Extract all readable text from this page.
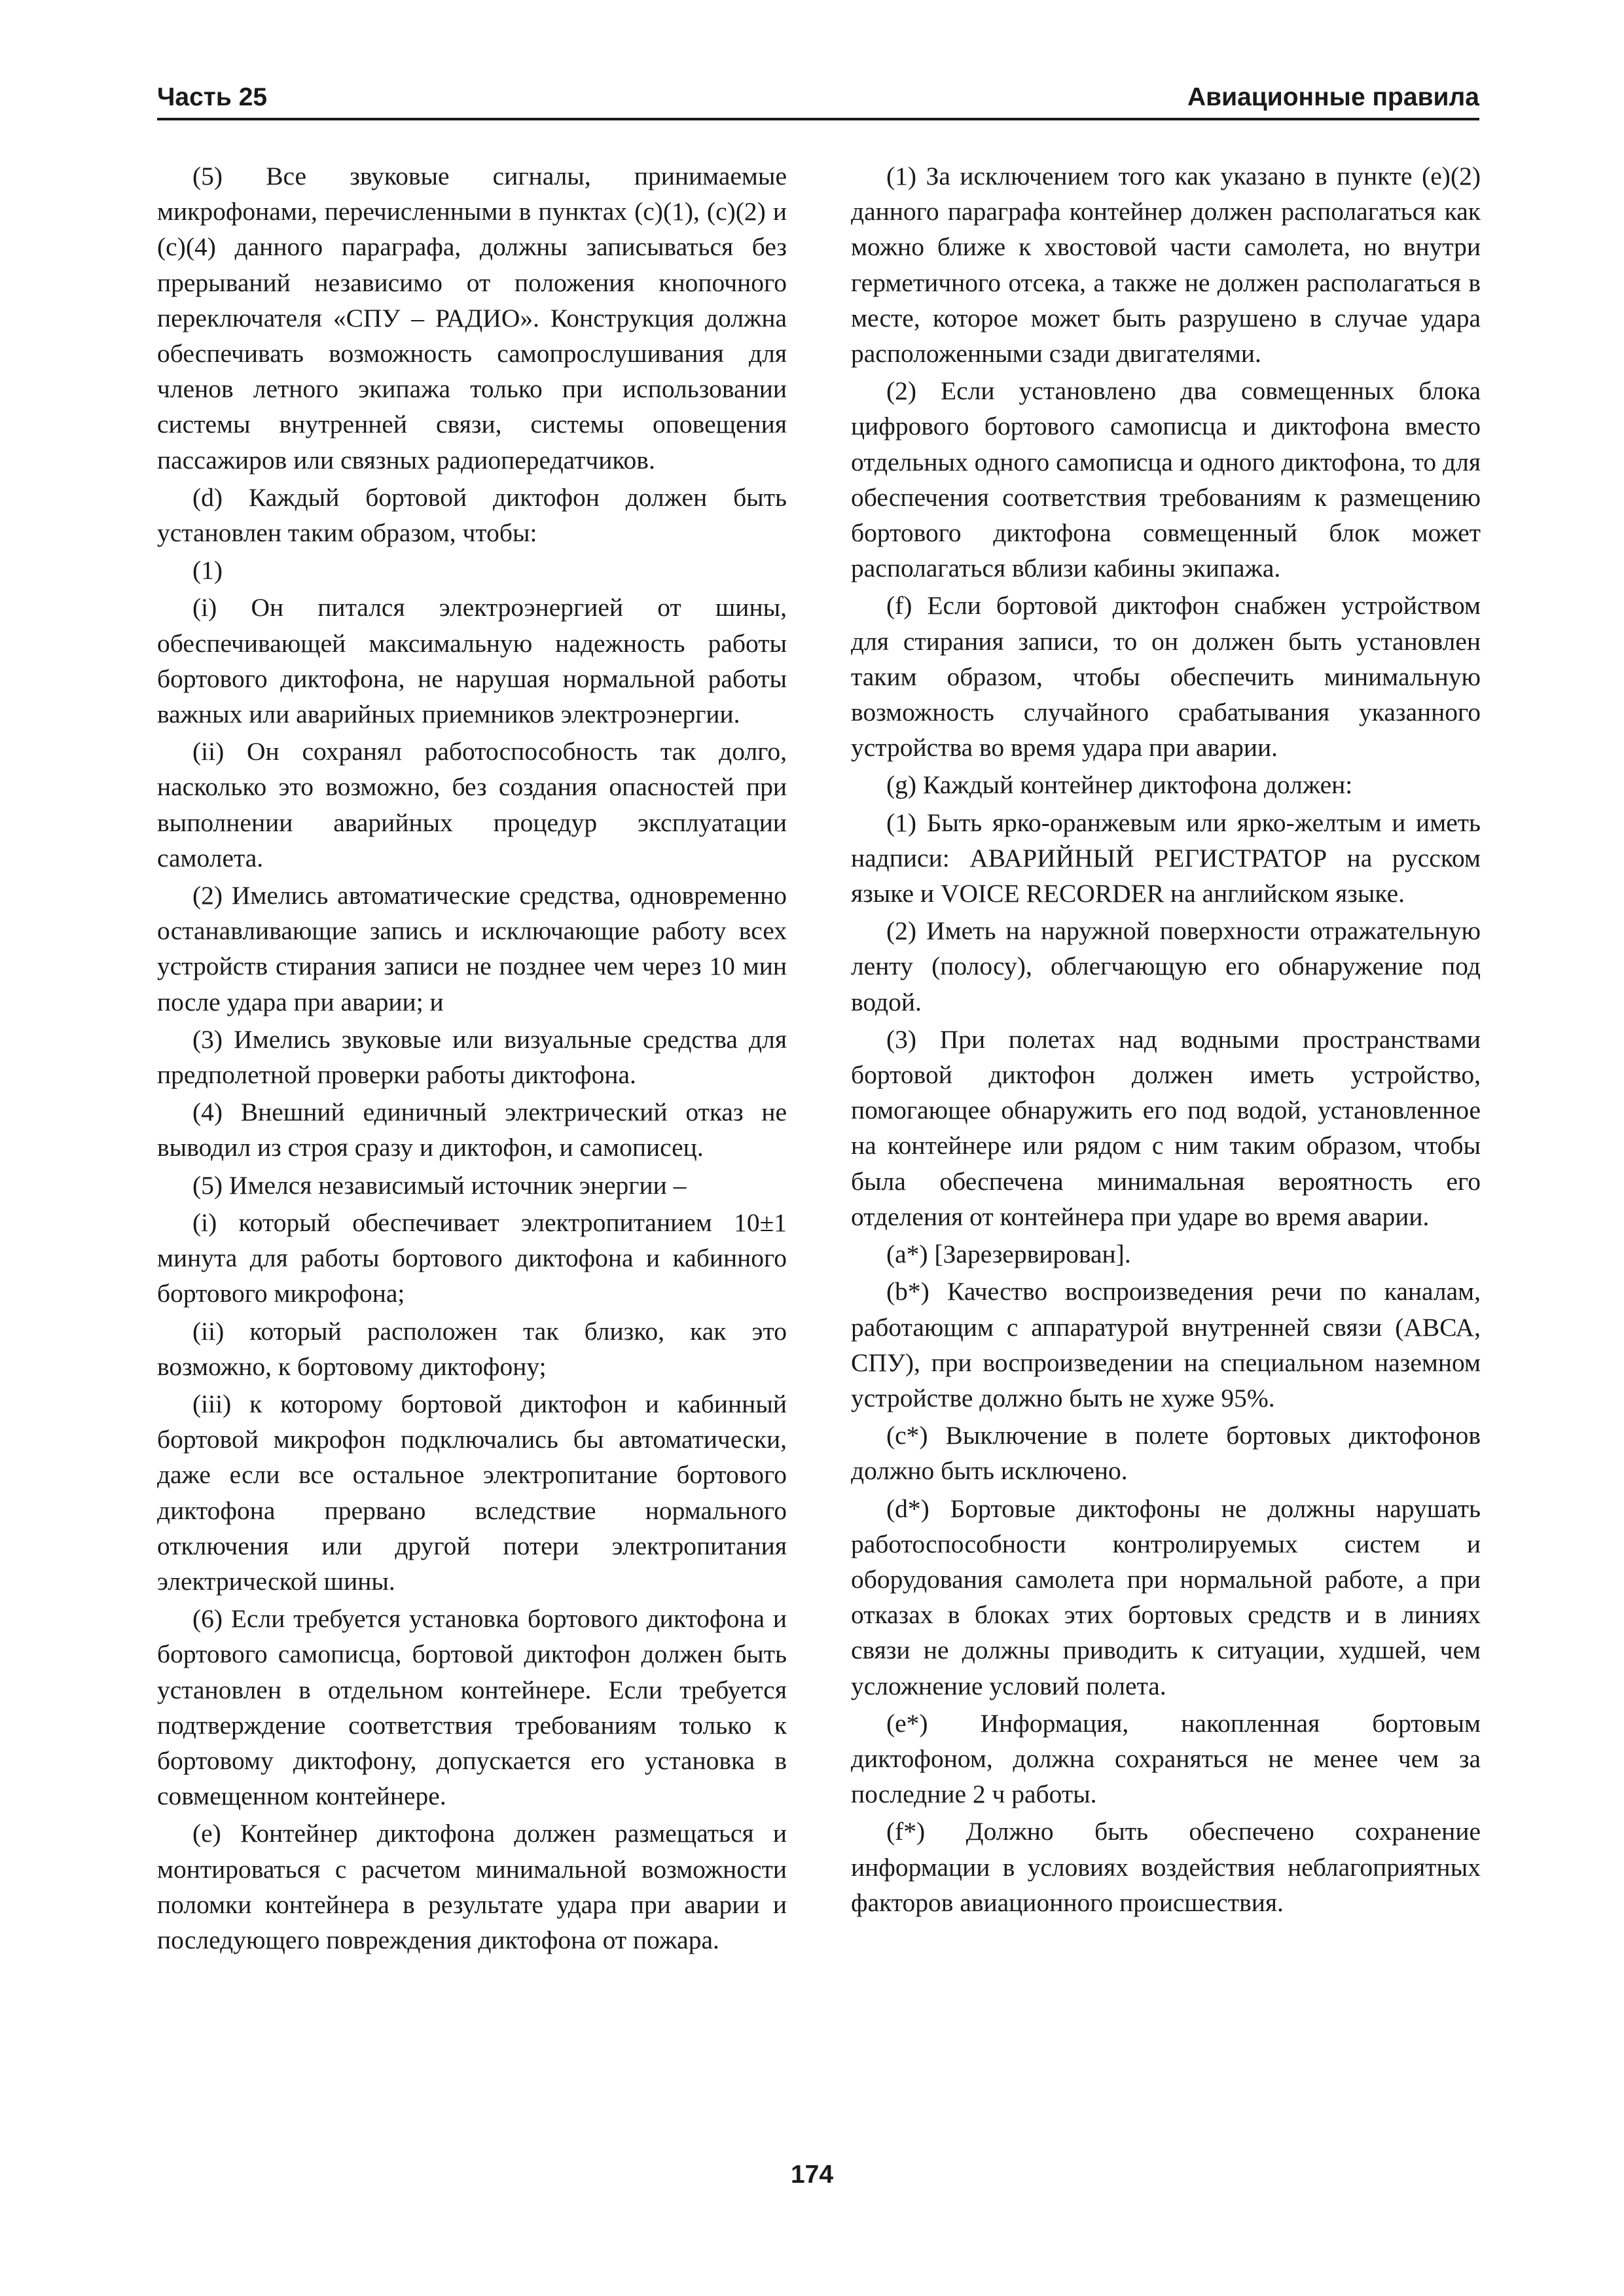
Часть 25	Авиационные правила

(5) Все звуковые сигналы, принимаемые микрофонами, перечисленными в пунктах (c)(1), (c)(2) и (c)(4) данного параграфа, должны записываться без прерываний независимо от положения кнопочного переключателя «СПУ – РАДИО». Конструкция должна обеспечивать возможность самопрослушивания для членов летного экипажа только при использовании системы внутренней связи, системы оповещения пассажиров или связных радиопередатчиков.

(d) Каждый бортовой диктофон должен быть установлен таким образом, чтобы:

(1)

(i) Он питался электроэнергией от шины, обеспечивающей максимальную надежность работы бортового диктофона, не нарушая нормальной работы важных или аварийных приемников электроэнергии.

(ii) Он сохранял работоспособность так долго, насколько это возможно, без создания опасностей при выполнении аварийных процедур эксплуатации самолета.

(2) Имелись автоматические средства, одновременно останавливающие запись и исключающие работу всех устройств стирания записи не позднее чем через 10 мин после удара при аварии; и

(3) Имелись звуковые или визуальные средства для предполетной проверки работы диктофона.

(4) Внешний единичный электрический отказ не выводил из строя сразу и диктофон, и самописец.

(5) Имелся независимый источник энергии –

(i) который обеспечивает электропитанием 10±1 минута для работы бортового диктофона и кабинного бортового микрофона;

(ii) который расположен так близко, как это возможно, к бортовому диктофону;

(iii) к которому бортовой диктофон и кабинный бортовой микрофон подключались бы автоматически, даже если все остальное электропитание бортового диктофона прервано вследствие нормального отключения или другой потери электропитания электрической шины.

(6) Если требуется установка бортового диктофона и бортового самописца, бортовой диктофон должен быть установлен в отдельном контейнере. Если требуется подтверждение соответствия требованиям только к бортовому диктофону, допускается его установка в совмещенном контейнере.

(e) Контейнер диктофона должен размещаться и монтироваться с расчетом минимальной возможности поломки контейнера в результате удара при аварии и последующего повреждения диктофона от пожара.

(1) За исключением того как указано в пункте (e)(2) данного параграфа контейнер должен располагаться как можно ближе к хвостовой части самолета, но внутри герметичного отсека, а также не должен располагаться в месте, которое может быть разрушено в случае удара расположенными сзади двигателями.

(2) Если установлено два совмещенных блока цифрового бортового самописца и диктофона вместо отдельных одного самописца и одного диктофона, то для обеспечения соответствия требованиям к размещению бортового диктофона совмещенный блок может располагаться вблизи кабины экипажа.

(f) Если бортовой диктофон снабжен устройством для стирания записи, то он должен быть установлен таким образом, чтобы обеспечить минимальную возможность случайного срабатывания указанного устройства во время удара при аварии.

(g) Каждый контейнер диктофона должен:

(1) Быть ярко-оранжевым или ярко-желтым и иметь надписи: АВАРИЙНЫЙ РЕГИСТРАТОР на русском языке и VOICE RECORDER на английском языке.

(2) Иметь на наружной поверхности отражательную ленту (полосу), облегчающую его обнаружение под водой.

(3) При полетах над водными пространствами бортовой диктофон должен иметь устройство, помогающее обнаружить его под водой, установленное на контейнере или рядом с ним таким образом, чтобы была обеспечена минимальная вероятность его отделения от контейнера при ударе во время аварии.

(a*) [Зарезервирован].

(b*) Качество воспроизведения речи по каналам, работающим с аппаратурой внутренней связи (АВСА, СПУ), при воспроизведении на специальном наземном устройстве должно быть не хуже 95%.

(c*) Выключение в полете бортовых диктофонов должно быть исключено.

(d*) Бортовые диктофоны не должны нарушать работоспособности контролируемых систем и оборудования самолета при нормальной работе, а при отказах в блоках этих бортовых средств и в линиях связи не должны приводить к ситуации, худшей, чем усложнение условий полета.

(e*) Информация, накопленная бортовым диктофоном, должна сохраняться не менее чем за последние 2 ч работы.

(f*) Должно быть обеспечено сохранение информации в условиях воздействия неблагоприятных факторов авиационного происшествия.

174
